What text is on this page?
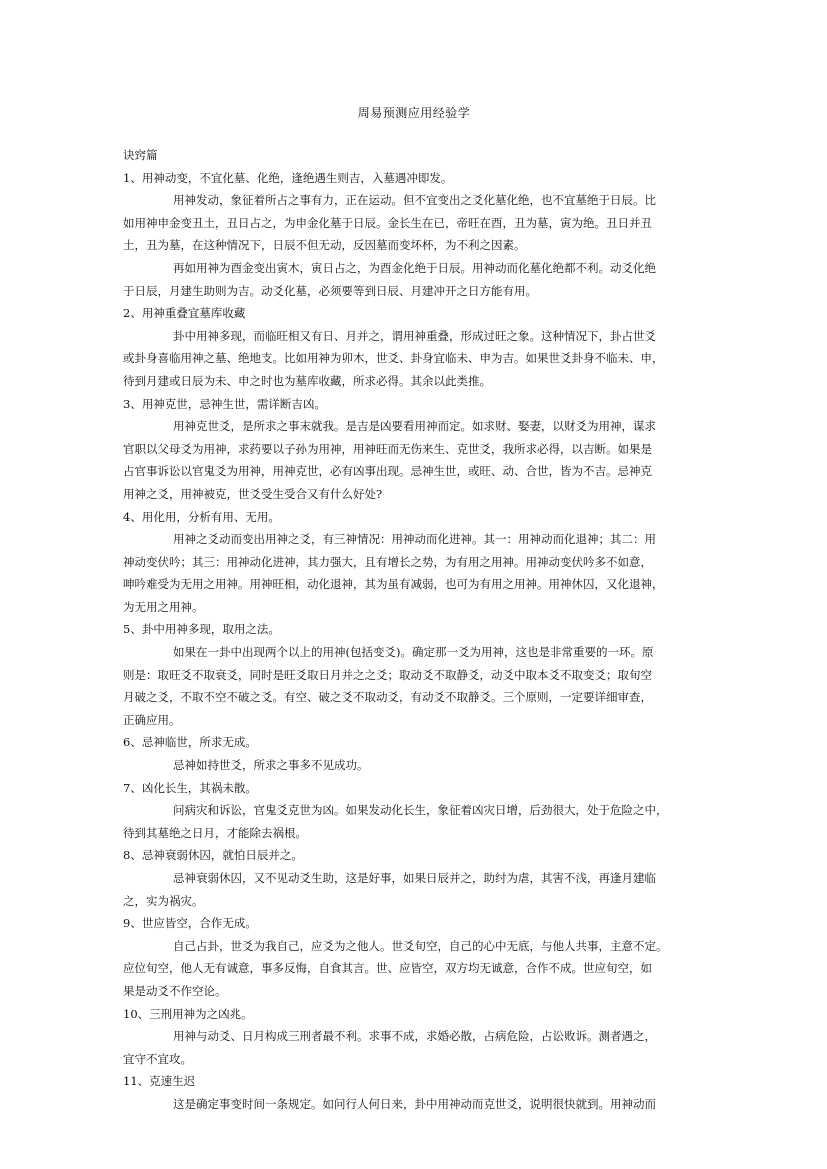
周易预测应用经验学
诀窍篇
1、用神动变，不宜化墓、化绝，逢绝遇生则吉，入墓遇冲即发。
用神发动，象征着所占之事有力，正在运动。但不宜变出之爻化墓化绝，也不宜墓绝于日辰。比
如用神申金变丑土，丑日占之，为申金化墓于日辰。金长生在已，帝旺在酉，丑为墓，寅为绝。丑日并丑
土，丑为墓，在这种情况下，日辰不但无动，反因墓而变坏杯，为不利之因素。
再如用神为酉金变出寅木，寅日占之，为酉金化绝于日辰。用神动而化墓化绝都不利。动爻化绝
于日辰，月建生助则为吉。动爻化墓，必须要等到日辰、月建冲开之日方能有用。
2、用神重叠宜墓库收藏
卦中用神多现，而临旺相又有日、月并之，谓用神重叠，形成过旺之象。这种情况下，卦占世爻
或卦身喜临用神之墓、绝地支。比如用神为卯木，世爻、卦身宜临未、申为吉。如果世爻卦身不临未、申，
待到月建或日辰为未、申之时也为墓库收藏，所求必得。其余以此类推。
3、用神克世，忌神生世，需详断吉凶。
用神克世爻，是所求之事末就我。是吉是凶要看用神而定。如求财、娶妻，以财爻为用神，谋求
官职以父母爻为用神，求药要以子孙为用神，用神旺而无伤来生、克世爻，我所求必得，以吉断。如果是
占官事诉讼以官鬼爻为用神，用神克世，必有凶事出现。忌神生世，或旺、动、合世，皆为不吉。忌神克
用神之爻，用神被克，世爻受生受合又有什么好处?
4、用化用，分析有用、无用。
用神之爻动而变出用神之爻，有三神情况：用神动而化进神。其一：用神动而化退神；其二：用
神动变伏吟；其三：用神动化进神，其力强大，且有增长之势，为有用之用神。用神动变伏吟多不如意，
呻吟难受为无用之用神。用神旺相，动化退神，其为虽有减弱，也可为有用之用神。用神休囚，又化退神，
为无用之用神。
5、卦中用神多现，取用之法。
如果在一卦中出现两个以上的用神(包括变爻)。确定那一爻为用神，这也是非常重要的一环。原
则是：取旺爻不取衰爻，同时是旺爻取日月并之之爻；取动爻不取静爻，动爻中取本爻不取变爻；取旬空
月破之爻，不取不空不破之爻。有空、破之爻不取动爻，有动爻不取静爻。三个原则，一定要详细审查，
正确应用。
6、忌神临世，所求无成。
忌神如持世爻，所求之事多不见成功。
7、凶化长生，其祸未散。
问病灾和诉讼，官鬼爻克世为凶。如果发动化长生，象征着凶灾日增，后劲很大，处于危险之中，
待到其墓绝之日月，才能除去祸根。
8、忌神衰弱休囚，就怕日辰并之。
忌神衰弱休囚，又不见动爻生助，这是好事，如果日辰并之，助纣为虐，其害不浅，再逢月建临
之，实为祸灾。
9、世应皆空，合作无成。
自己占卦，世爻为我自己，应爻为之他人。世爻旬空，自己的心中无底，与他人共事，主意不定。
应位旬空，他人无有诚意，事多反悔，自食其言。世、应皆空，双方均无诚意，合作不成。世应旬空，如
果是动爻不作空论。
10、三刑用神为之凶兆。
用神与动爻、日月构成三刑者最不利。求事不成，求婚必散，占病危险，占讼败诉。测者遇之，
宜守不宜攻。
11、克速生迟
这是确定事变时间一条规定。如问行人何日来，卦中用神动而克世爻，说明很快就到。用神动而
